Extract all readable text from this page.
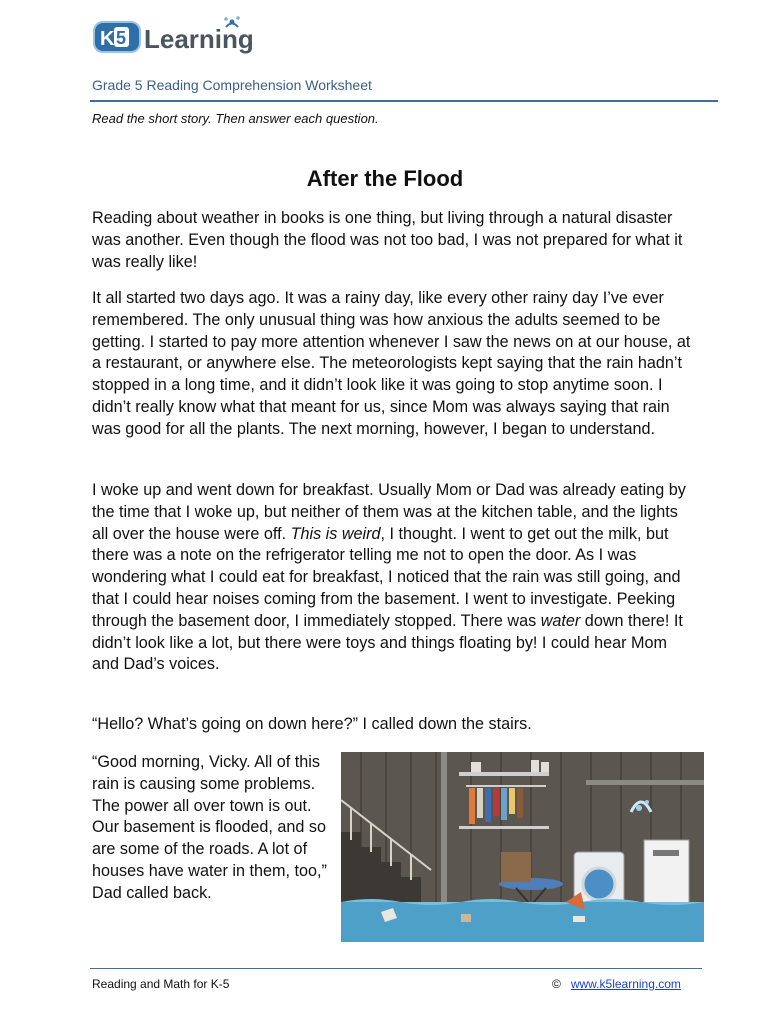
K 5 Learning
Grade 5 Reading Comprehension Worksheet
Read the short story. Then answer each question.
After the Flood

Reading about weather in books is one thing, but living through a natural disaster was another. Even though the flood was not too bad, I was not prepared for what it was really like!

It all started two days ago. It was a rainy day, like every other rainy day I’ve ever remembered. The only unusual thing was how anxious the adults seemed to be getting. I started to pay more attention whenever I saw the news on at our house, at a restaurant, or anywhere else. The meteorologists kept saying that the rain hadn’t stopped in a long time, and it didn’t look like it was going to stop anytime soon. I didn’t really know what that meant for us, since Mom was always saying that rain was good for all the plants. The next morning, however, I began to understand.

I woke up and went down for breakfast. Usually Mom or Dad was already eating by the time that I woke up, but neither of them was at the kitchen table, and the lights all over the house were off. This is weird, I thought. I went to get out the milk, but there was a note on the refrigerator telling me not to open the door. As I was wondering what I could eat for breakfast, I noticed that the rain was still going, and that I could hear noises coming from the basement. I went to investigate. Peeking through the basement door, I immediately stopped. There was water down there! It didn’t look like a lot, but there were toys and things floating by! I could hear Mom and Dad’s voices.

“Hello? What’s going on down here?” I called down the stairs.

“Good morning, Vicky. All of this rain is causing some problems. The power all over town is out. Our basement is flooded, and so are some of the roads. A lot of houses have water in them, too,” Dad called back.

Reading and Math for K-5	© www.k5learning.com
